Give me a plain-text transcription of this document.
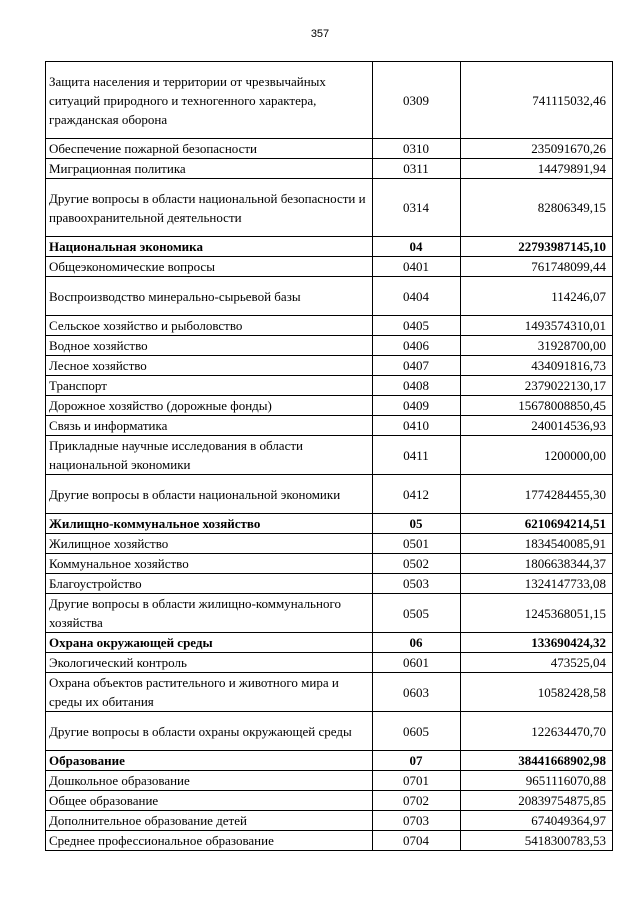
357
Защита населения и территории от чрезвычайных ситуаций природного и техногенного характера, гражданская оборона	0309	741115032,46
Обеспечение пожарной безопасности	0310	235091670,26
Миграционная политика	0311	14479891,94
Другие вопросы в области национальной безопасности и правоохранительной деятельности	0314	82806349,15
Национальная экономика	04	22793987145,10
Общеэкономические вопросы	0401	761748099,44
Воспроизводство минерально-сырьевой базы	0404	114246,07
Сельское хозяйство и рыболовство	0405	1493574310,01
Водное хозяйство	0406	31928700,00
Лесное хозяйство	0407	434091816,73
Транспорт	0408	2379022130,17
Дорожное хозяйство (дорожные фонды)	0409	15678008850,45
Связь и информатика	0410	240014536,93
Прикладные научные исследования в области национальной экономики	0411	1200000,00
Другие вопросы в области национальной экономики	0412	1774284455,30
Жилищно-коммунальное хозяйство	05	6210694214,51
Жилищное хозяйство	0501	1834540085,91
Коммунальное хозяйство	0502	1806638344,37
Благоустройство	0503	1324147733,08
Другие вопросы в области жилищно-коммунального хозяйства	0505	1245368051,15
Охрана окружающей среды	06	133690424,32
Экологический контроль	0601	473525,04
Охрана объектов растительного и животного мира и среды их обитания	0603	10582428,58
Другие вопросы в области охраны окружающей среды	0605	122634470,70
Образование	07	38441668902,98
Дошкольное образование	0701	9651116070,88
Общее образование	0702	20839754875,85
Дополнительное образование детей	0703	674049364,97
Среднее профессиональное образование	0704	5418300783,53
